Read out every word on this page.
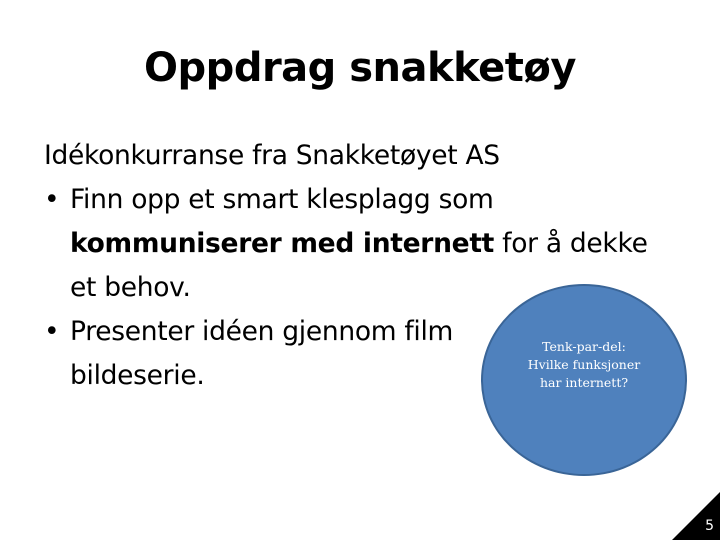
Oppdrag snakketøy

Idékonkurranse fra Snakketøyet AS

• Finn opp et smart klesplagg som
kommuniserer med internett for å dekke
et behov.
• Presenter idéen gjennom film
bildeserie.
Tenk-par-del:
Hvilke funksjoner
har internett?
5
